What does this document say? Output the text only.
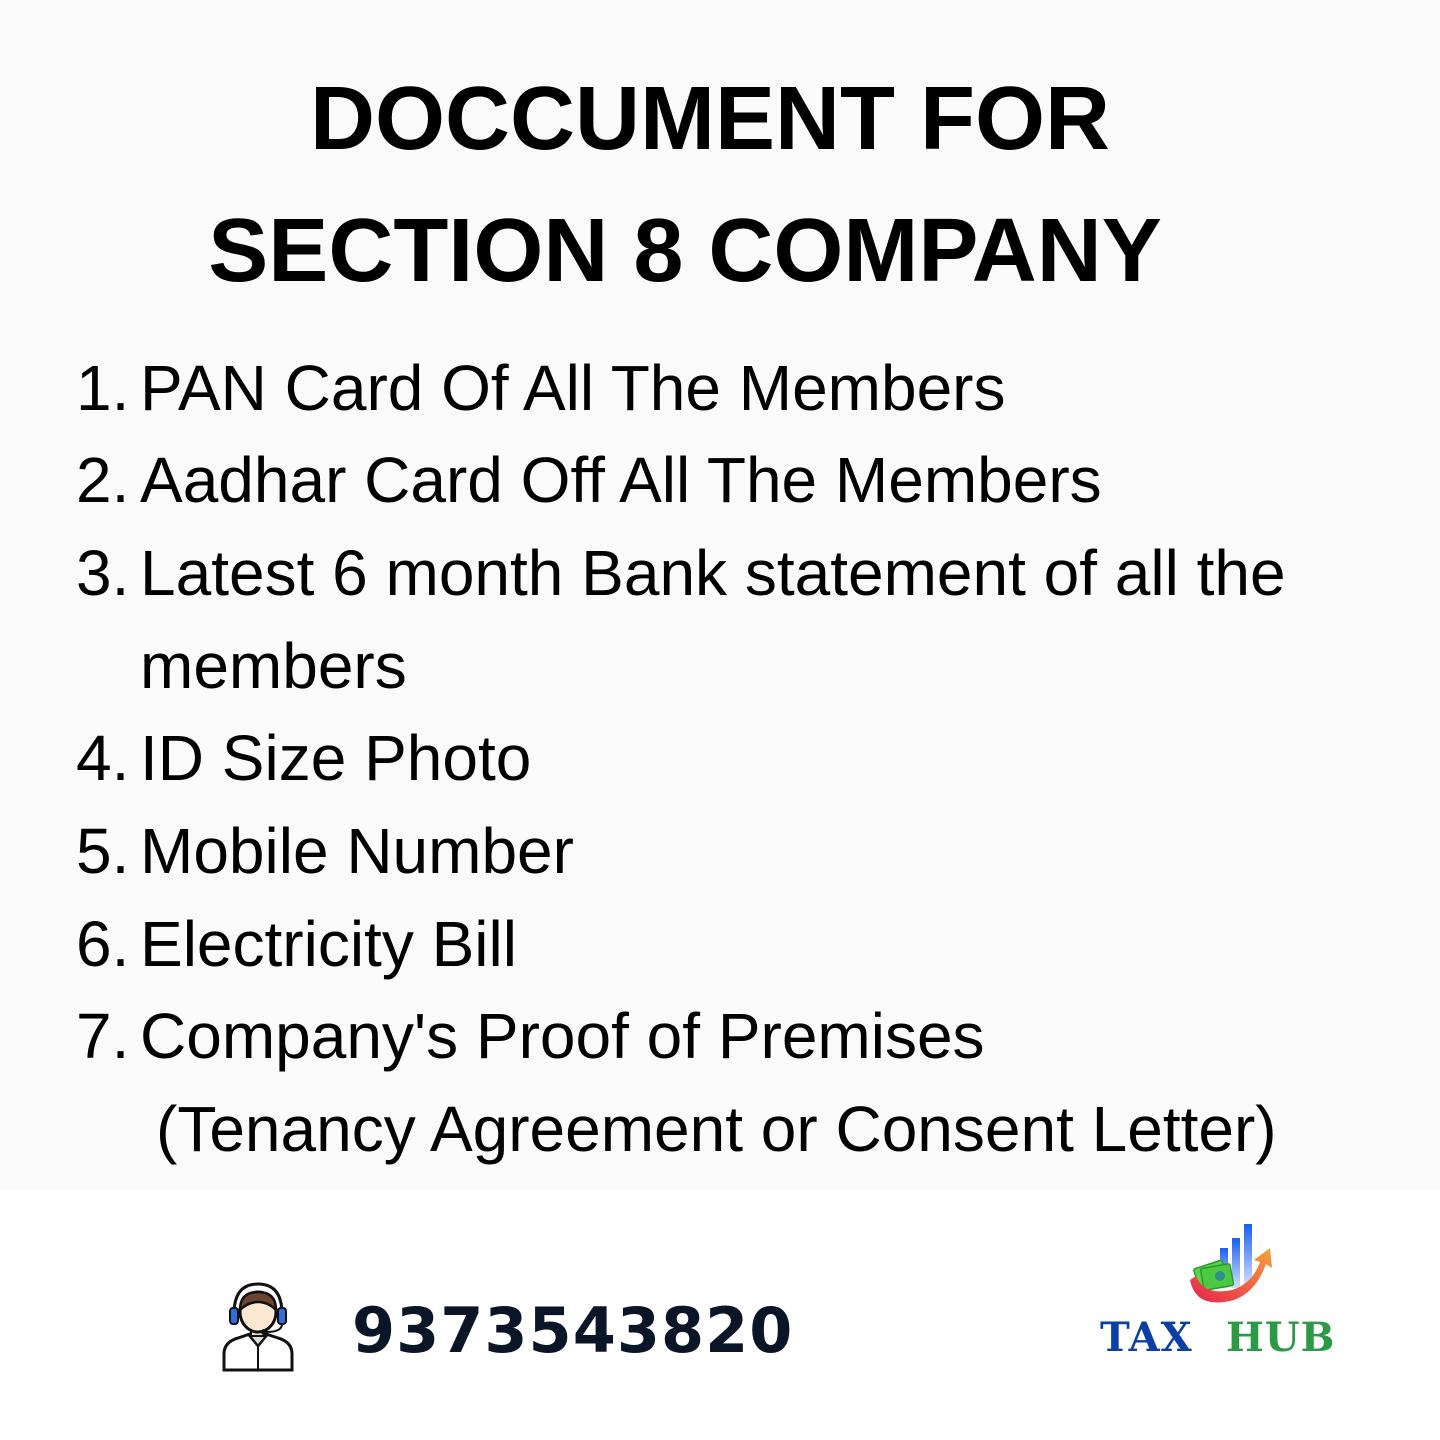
DOCCUMENT FOR
SECTION 8 COMPANY
1. PAN Card Of All The Members
2. Aadhar Card Off All The Members
3. Latest 6 month Bank statement of all the
members
4. ID Size Photo
5. Mobile Number
6. Electricity Bill
7. Company's Proof of Premises
(Tenancy Agreement or Consent Letter)
9373543820	TAX HUB
